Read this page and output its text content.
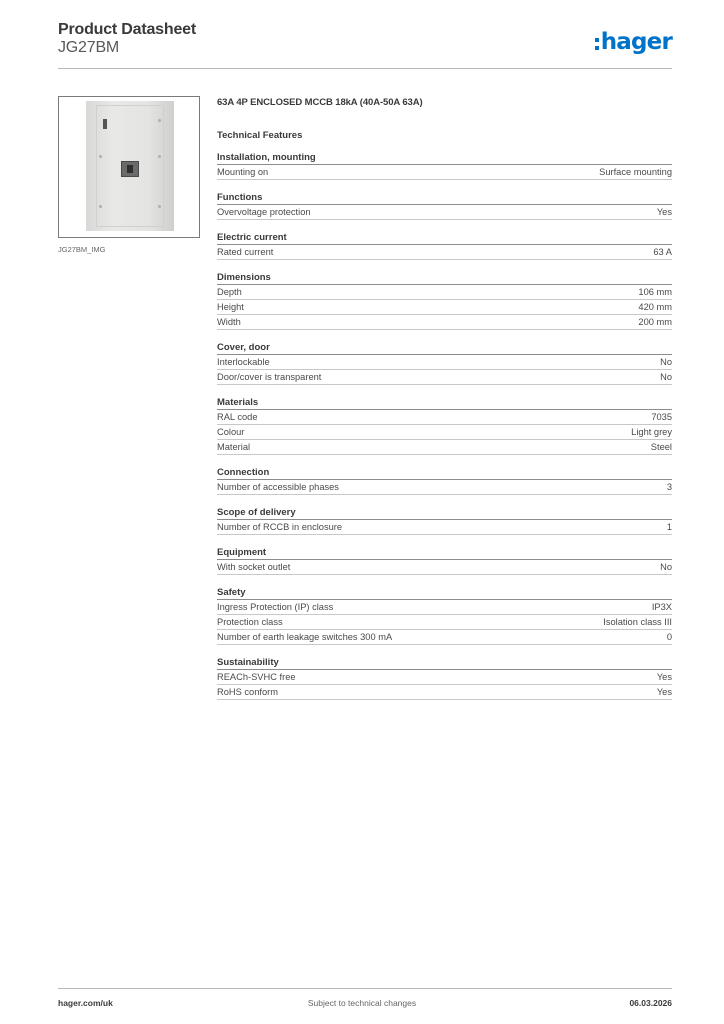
Product Datasheet
JG27BM	hager
JG27BM_IMG
63A 4P ENCLOSED MCCB 18kA (40A-50A 63A)
Technical Features
Installation, mounting
Mounting on	Surface mounting
Functions
Overvoltage protection	Yes
Electric current
Rated current	63 A
Dimensions
Depth	106 mm
Height	420 mm
Width	200 mm
Cover, door
Interlockable	No
Door/cover is transparent	No
Materials
RAL code	7035
Colour	Light grey
Material	Steel
Connection
Number of accessible phases	3
Scope of delivery
Number of RCCB in enclosure	1
Equipment
With socket outlet	No
Safety
Ingress Protection (IP) class	IP3X
Protection class	Isolation class III
Number of earth leakage switches 300 mA	0
Sustainability
REACh-SVHC free	Yes
RoHS conform	Yes
hager.com/uk	Subject to technical changes	06.03.2026
